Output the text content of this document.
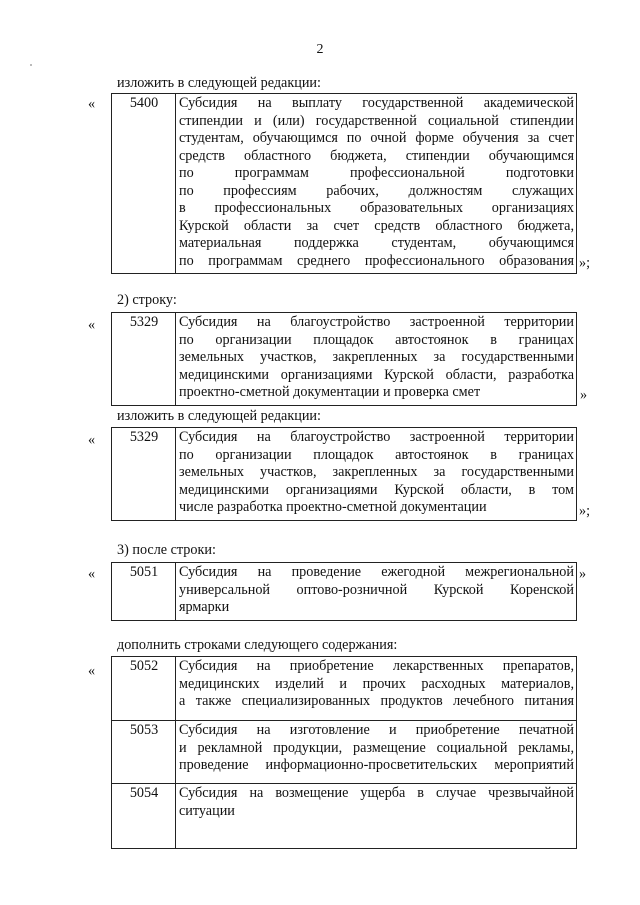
2
изложить в следующей редакции:
« 5400	Субсидия на выплату государственной академической
стипендии и (или) государственной социальной стипендии
студентам, обучающимся по очной форме обучения за счет
средств областного бюджета, стипендии обучающимся
по программам профессиональной подготовки
по профессиям рабочих, должностям служащих
в профессиональных образовательных организациях
Курской области за счет средств областного бюджета,
материальная поддержка студентам, обучающимся
по программам среднего профессионального образования »;
2) строку:
« 5329	Субсидия на благоустройство застроенной территории
по организации площадок автостоянок в границах
земельных участков, закрепленных за государственными
медицинскими организациями Курской области, разработка
проектно-сметной документации и проверка смет	»
изложить в следующей редакции:
« 5329	Субсидия на благоустройство застроенной территории
по организации площадок автостоянок в границах
земельных участков, закрепленных за государственными
медицинскими организациями Курской области, в том
числе разработка проектно-сметной документации	»;
3) после строки:
« 5051	Субсидия на проведение ежегодной межрегиональной
универсальной оптово-розничной Курской Коренской
ярмарки
»
дополнить строками следующего содержания:
« 5052	Субсидия на приобретение лекарственных препаратов,
медицинских изделий и прочих расходных материалов,
а также специализированных продуктов лечебного питания

5053	Субсидия на изготовление и приобретение печатной
и рекламной продукции, размещение социальной рекламы,
проведение информационно-просветительских мероприятий

5054	Субсидия на возмещение ущерба в случае чрезвычайной
ситуации
